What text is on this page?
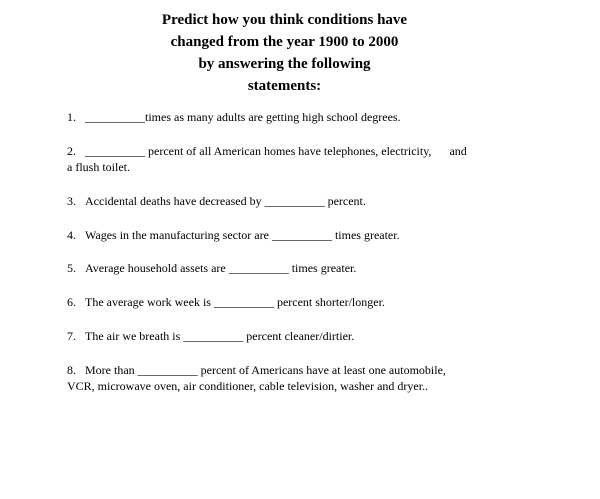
Predict how you think conditions have
changed from the year 1900 to 2000
by answering the following
statements:
1. __________times as many adults are getting high school degrees.
2. __________ percent of all American homes have telephones, electricity, and
a flush toilet.
3. Accidental deaths have decreased by __________ percent.
4. Wages in the manufacturing sector are __________ times greater.
5. Average household assets are __________ times greater.
6. The average work week is __________ percent shorter/longer.
7. The air we breath is __________ percent cleaner/dirtier.
8. More than __________ percent of Americans have at least one automobile,
VCR, microwave oven, air conditioner, cable television, washer and dryer..
